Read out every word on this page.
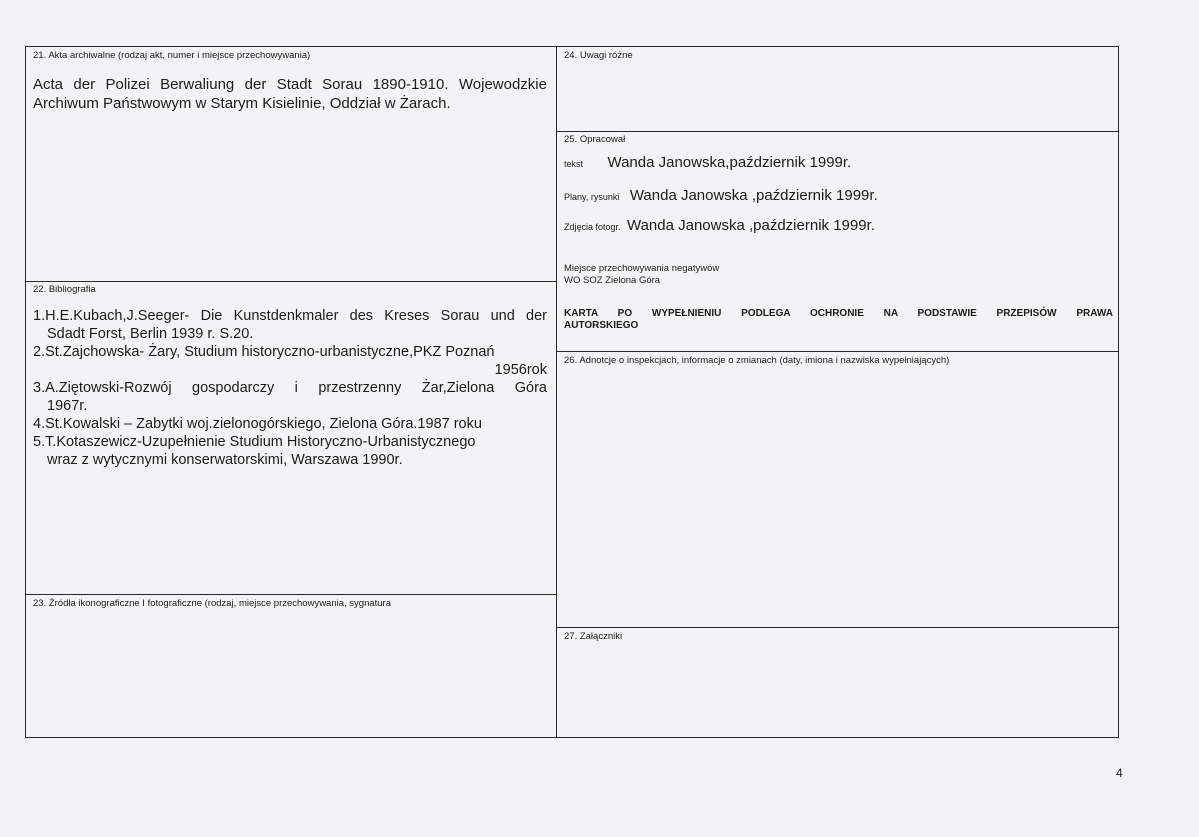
21. Akta archiwalne (rodzaj akt, numer i miejsce przechowywania)

Acta der Polizei Berwaliung der Stadt Sorau 1890-1910. Wojewodzkie

Archiwum Państwowym w Starym Kisielinie, Oddział w Żarach.

22. Bibliografia

1.H.E.Kubach,J.Seeger- Die Kunstdenkmaler des Kreses Sorau und der

Sdadt Forst, Berlin 1939 r. S.20.

2.St.Zajchowska- Żary, Studium historyczno-urbanistyczne,PKZ Poznań

1956rok

3.A.Ziętowski-Rozwój gospodarczy i przestrzenny Żar,Zielona Góra

1967r.

4.St.Kowalski – Zabytki woj.zielonogórskiego, Zielona Góra.1987 roku

5.T.Kotaszewicz-Uzupełnienie Studium Historyczno-Urbanistycznego

wraz z wytycznymi konserwatorskimi, Warszawa 1990r.

23. Źródła ikonograficzne I fotograficzne (rodzaj, miejsce przechowywania, sygnatura
24. Uwagi różne
25. Opracował
tekst Wanda Janowska,październik 1999r.
Plany, rysunki Wanda Janowska ,październik 1999r.
Zdjęcia fotogr. Wanda Janowska ,październik 1999r.
Miejsce przechowywania negatywów
WO SOZ Zielona Góra
KARTA PO WYPEŁNIENIU PODLEGA OCHRONIE NA PODSTAWIE PRZEPISÓW PRAWA
AUTORSKIEGO
26. Adnotcje o inspekcjach, informacje o zmianach (daty, imiona i nazwiska wypełniających)
27. Załączniki
4
